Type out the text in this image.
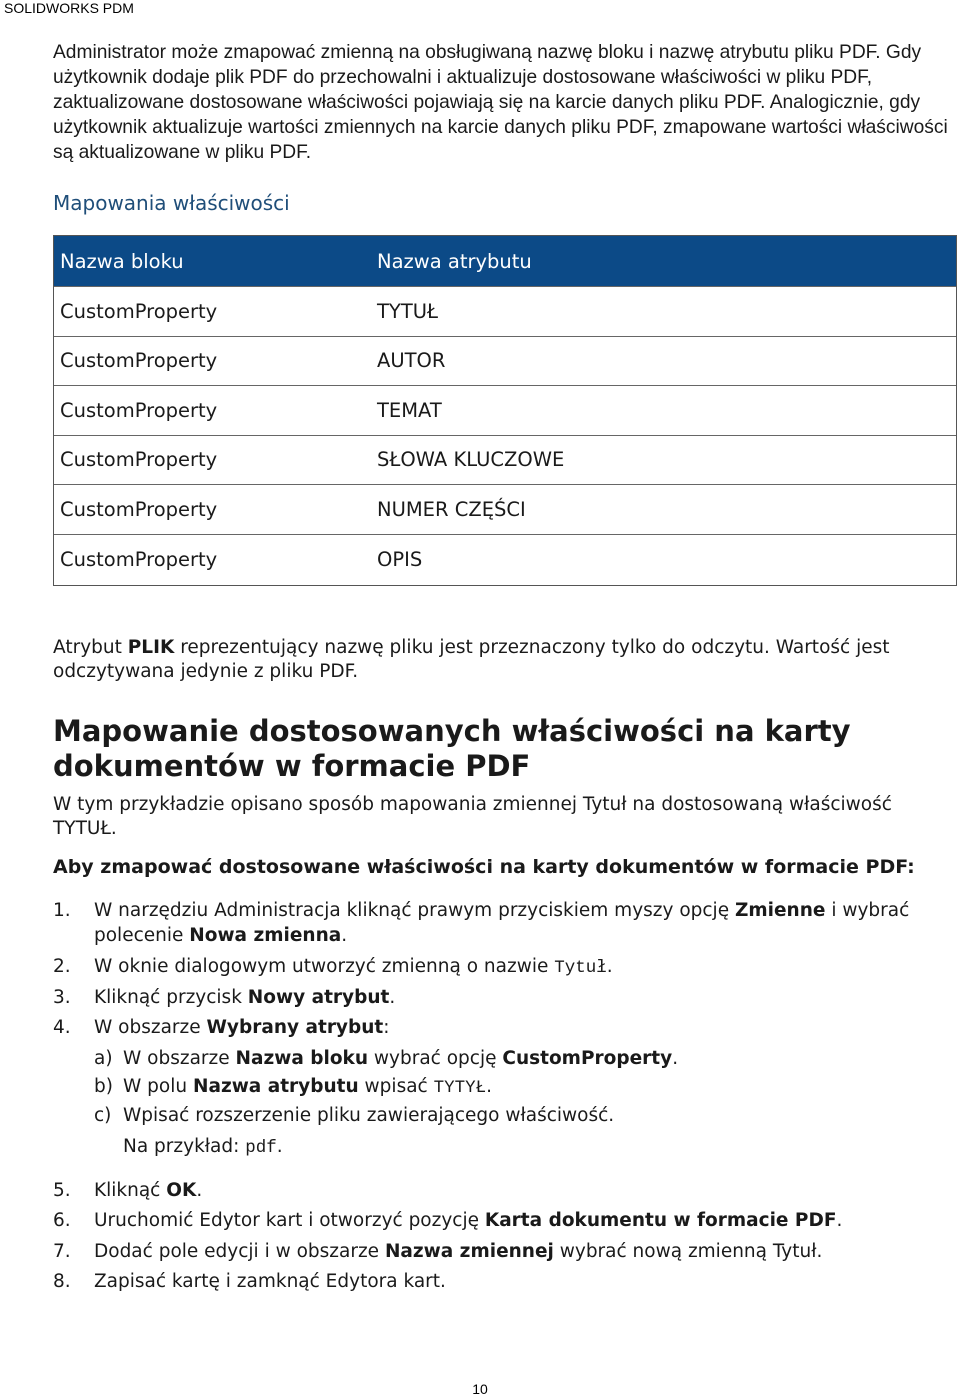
SOLIDWORKS PDM

Administrator może zmapować zmienną na obsługiwaną nazwę bloku i nazwę atrybutu pliku PDF. Gdy użytkownik dodaje plik PDF do przechowalni i aktualizuje dostosowane właściwości w pliku PDF, zaktualizowane dostosowane właściwości pojawiają się na karcie danych pliku PDF. Analogicznie, gdy użytkownik aktualizuje wartości zmiennych na karcie danych pliku PDF, zmapowane wartości właściwości są aktualizowane w pliku PDF.

Mapowania właściwości
Nazwa bloku	Nazwa atrybutu
CustomProperty	TYTUŁ
CustomProperty	AUTOR
CustomProperty	TEMAT
CustomProperty	SŁOWA KLUCZOWE
CustomProperty	NUMER CZĘŚCI
CustomProperty	OPIS

Atrybut PLIK reprezentujący nazwę pliku jest przeznaczony tylko do odczytu. Wartość jest odczytywana jedynie z pliku PDF.

Mapowanie dostosowanych właściwości na karty dokumentów w formacie PDF

W tym przykładzie opisano sposób mapowania zmiennej Tytuł na dostosowaną właściwość TYTUŁ.

Aby zmapować dostosowane właściwości na karty dokumentów w formacie PDF:
1. W narzędziu Administracja kliknąć prawym przyciskiem myszy opcję Zmienne i wybrać polecenie Nowa zmienna.
2. W oknie dialogowym utworzyć zmienną o nazwie Tytuł.
3. Kliknąć przycisk Nowy atrybut.
4. W obszarze Wybrany atrybut:
a) W obszarze Nazwa bloku wybrać opcję CustomProperty.
b) W polu Nazwa atrybutu wpisać TYTYŁ.
c) Wpisać rozszerzenie pliku zawierającego właściwość.
Na przykład: pdf.
5. Kliknąć OK.
6. Uruchomić Edytor kart i otworzyć pozycję Karta dokumentu w formacie PDF.
7. Dodać pole edycji i w obszarze Nazwa zmiennej wybrać nową zmienną Tytuł.
8. Zapisać kartę i zamknąć Edytora kart.
10
